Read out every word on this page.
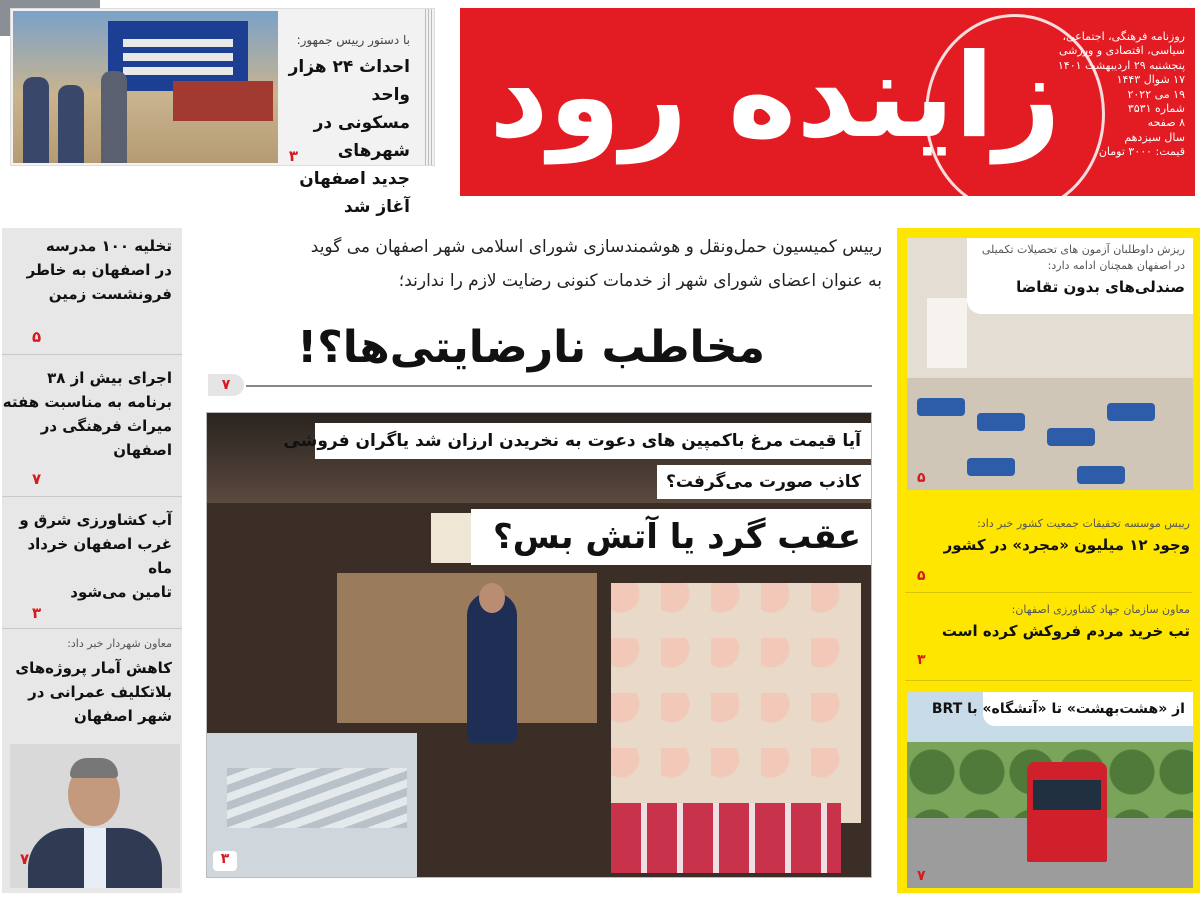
با دستور رییس جمهور:
احداث ۲۴ هزار واحد
مسکونی در شهرهای
جدید اصفهان آغاز شد
۳ زاینده رود روزنامه فرهنگی، اجتماعی،
سیاسی، اقتصادی و ورزشی
پنجشنبه ۲۹ اردیبهشت ۱۴۰۱
۱۷ شوال ۱۴۴۳
۱۹ می ۲۰۲۲
شماره ۳۵۳۱
۸ صفحه
سال سیزدهم
قیمت: ۳۰۰۰ تومان
تخلیه ۱۰۰ مدرسه
در اصفهان به خاطر
فرونشست زمین
۵
اجرای بیش از ۳۸
برنامه به مناسبت هفته
میراث فرهنگی در اصفهان
۷
آب کشاورزی شرق و
غرب اصفهان خرداد ماه
تامین می‌شود
۳
معاون شهردار خبر داد:
کاهش آمار پروژه‌های
بلاتکلیف عمرانی در
شهر اصفهان
۷
رییس کمیسیون حمل‌ونقل و هوشمندسازی شورای اسلامی شهر اصفهان می گوید
به عنوان اعضای شورای شهر از خدمات کنونی رضایت لازم را ندارند؛
مخاطب نارضایتی‌ها؟!
۷
آیا قیمت مرغ باکمپین های دعوت به نخریدن ارزان شد یاگران فروشی
کاذب صورت می‌گرفت؟
عقب گرد یا آتش بس؟
۳
ریزش داوطلبان آزمون های تحصیلات تکمیلی
در اصفهان همچنان ادامه دارد:
صندلی‌های بدون تقاضا
۵
رییس موسسه تحقیقات جمعیت کشور خبر داد:
وجود ۱۲ میلیون «مجرد» در کشور
۵
معاون سازمان جهاد کشاورزی اصفهان:
تب خرید مردم فروکش کرده است
۳
از «هشت‌بهشت» تا «آتشگاه» با BRT
۷
